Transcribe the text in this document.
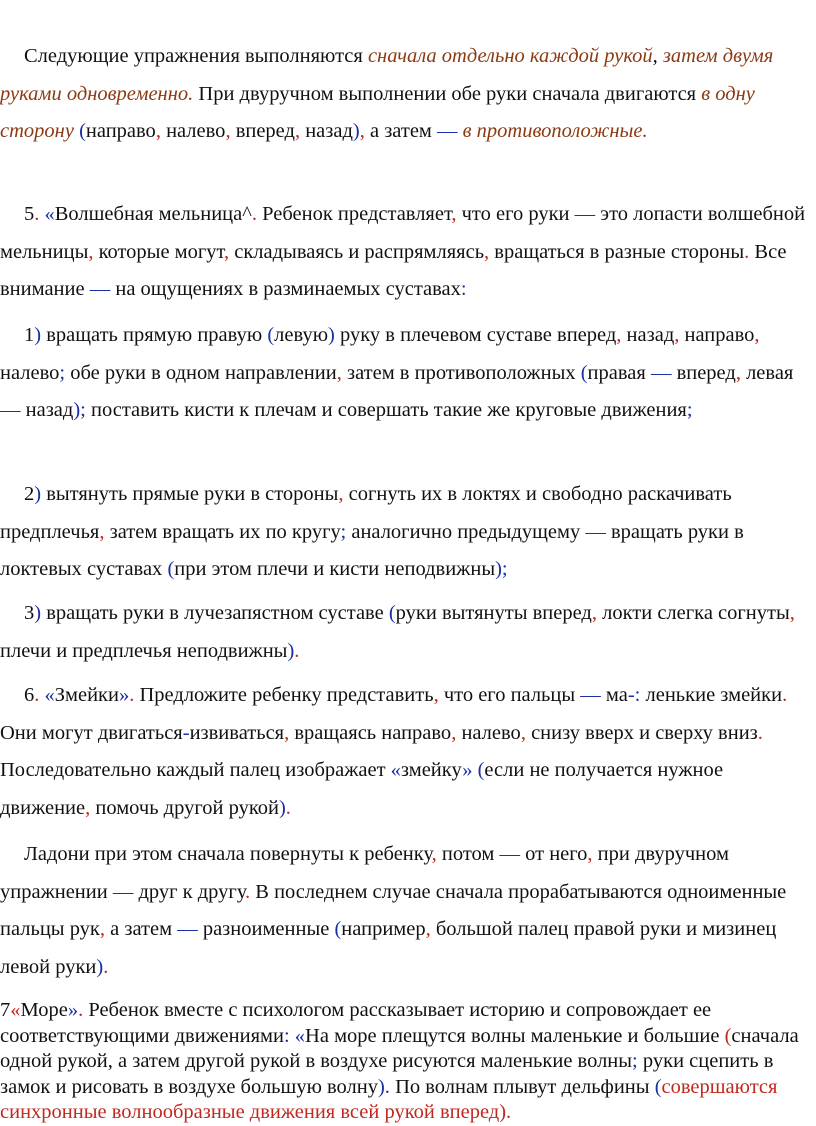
Следующие упражнения выполняются сначала отдельно каждой рукой, затем двумя руками одновременно. При двуручном выполнении обе руки сначала двигаются в одну сторону (направо, налево, вперед, назад), а затем — в противоположные.

5. «Волшебная мельница^. Ребенок представляет, что его руки — это лопасти волшебной мельницы, которые могут, складываясь и распрямляясь, вращаться в разные стороны. Все внимание — на ощущениях в разминаемых суставах:

1) вращать прямую правую (левую) руку в плечевом суставе вперед, назад, направо, налево; обе руки в одном направлении, затем в противоположных (правая — вперед, левая — назад); поставить кисти к плечам и совершать такие же круговые движения;

2) вытянуть прямые руки в стороны, согнуть их в локтях и свободно раскачивать предплечья, затем вращать их по кругу; аналогично предыдущему — вращать руки в локтевых суставах (при этом плечи и кисти неподвижны);

3) вращать руки в лучезапястном суставе (руки вытянуты вперед, локти слегка согнуты, плечи и предплечья неподвижны).

6. «Змейки». Предложите ребенку представить, что его пальцы — ма-: ленькие змейки. Они могут двигаться-извиваться, вращаясь направо, налево, снизу вверх и сверху вниз. Последовательно каждый палец изображает «змейку» (если не получается нужное движение, помочь другой рукой).

Ладони при этом сначала повернуты к ребенку, потом — от него, при двуручном упражнении — друг к другу. В последнем случае сначала прорабатываются одноименные пальцы рук, а затем — разноименные (например, большой палец правой руки и мизинец левой руки).

7«Море». Ребенок вместе с психологом рассказывает историю и сопровождает ее соответствующими движениями: «На море плещутся волны маленькие и большие (сначала одной рукой, а затем другой рукой в воздухе рисуются маленькие волны; руки сцепить в замок и рисовать в воздухе большую волну). По волнам плывут дельфины (совершаются синхронные волнообразные движения всей рукой вперед).
